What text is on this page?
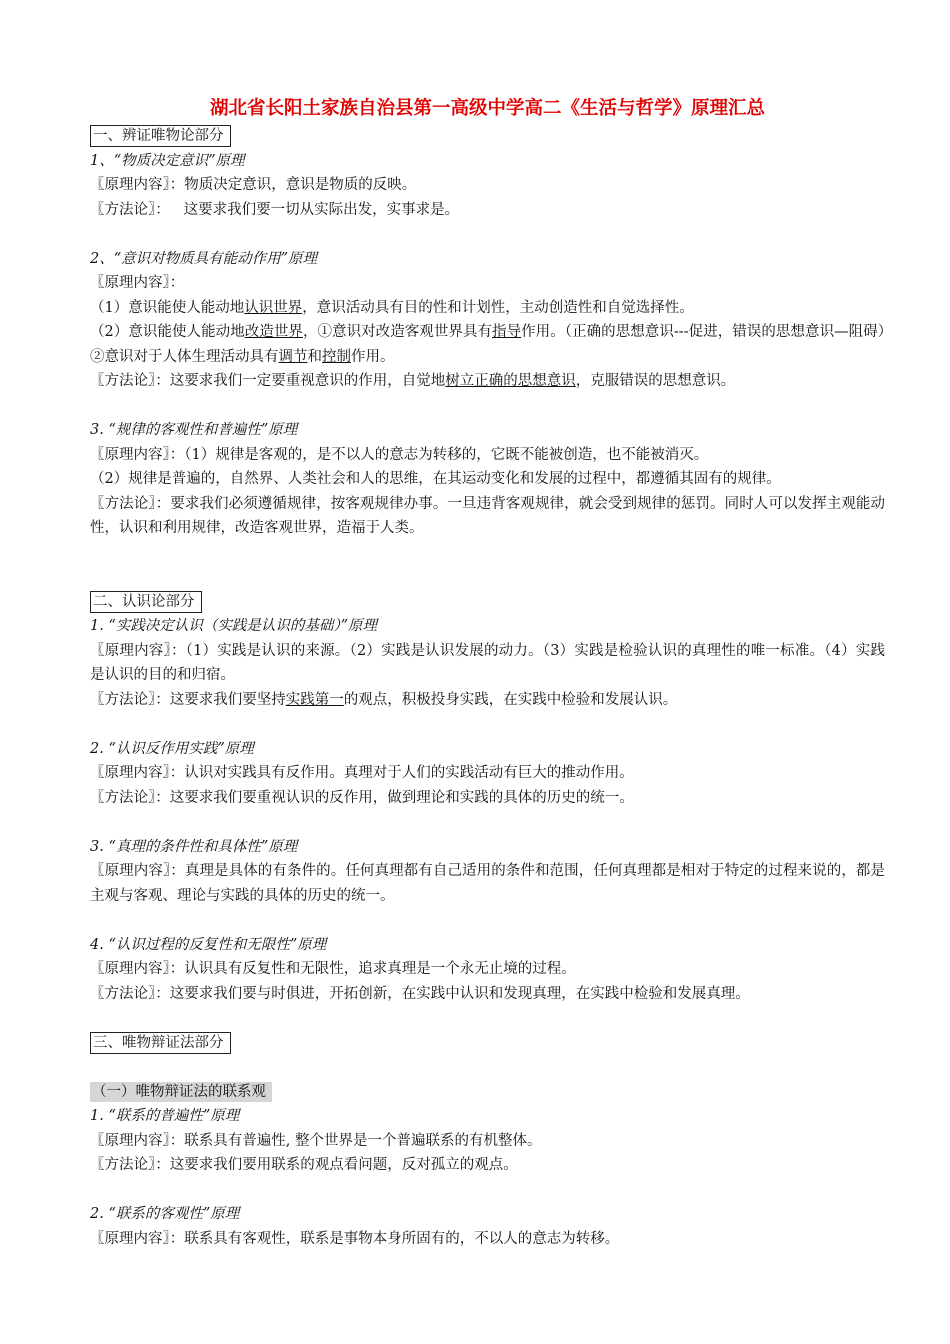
湖北省长阳土家族自治县第一高级中学高二《生活与哲学》原理汇总
一、辨证唯物论部分
1、“物质决定意识”原理
〖原理内容〗：物质决定意识，意识是物质的反映。
〖方法论〗：   这要求我们要一切从实际出发，实事求是。
2、“意识对物质具有能动作用”原理
〖原理内容〗：
（1）意识能使人能动地认识世界，意识活动具有目的性和计划性，主动创造性和自觉选择性。
（2）意识能使人能动地改造世界，①意识对改造客观世界具有指导作用。（正确的思想意识---促进，错误的思想意识—阻碍）②意识对于人体生理活动具有调节和控制作用。
〖方法论〗：这要求我们一定要重视意识的作用，自觉地树立正确的思想意识，克服错误的思想意识。
3. “规律的客观性和普遍性”原理
〖原理内容〗：（1）规律是客观的，是不以人的意志为转移的，它既不能被创造，也不能被消灭。
（2）规律是普遍的，自然界、人类社会和人的思维，在其运动变化和发展的过程中，都遵循其固有的规律。
〖方法论〗：要求我们必须遵循规律，按客观规律办事。一旦违背客观规律，就会受到规律的惩罚。同时人可以发挥主观能动性，认识和利用规律，改造客观世界，造福于人类。
二、认识论部分
1. “实践决定认识（实践是认识的基础）”原理
〖原理内容〗：（1）实践是认识的来源。（2）实践是认识发展的动力。（3）实践是检验认识的真理性的唯一标准。（4）实践是认识的目的和归宿。
〖方法论〗：这要求我们要坚持实践第一的观点，积极投身实践，在实践中检验和发展认识。
2. “认识反作用实践”原理
〖原理内容〗：认识对实践具有反作用。真理对于人们的实践活动有巨大的推动作用。
〖方法论〗：这要求我们要重视认识的反作用，做到理论和实践的具体的历史的统一。
3. “真理的条件性和具体性”原理
〖原理内容〗：真理是具体的有条件的。任何真理都有自己适用的条件和范围，任何真理都是相对于特定的过程来说的，都是主观与客观、理论与实践的具体的历史的统一。
4. “认识过程的反复性和无限性”原理
〖原理内容〗：认识具有反复性和无限性，追求真理是一个永无止境的过程。
〖方法论〗：这要求我们要与时俱进，开拓创新，在实践中认识和发现真理，在实践中检验和发展真理。
三、唯物辩证法部分
（一）唯物辩证法的联系观
1. “联系的普遍性”原理
〖原理内容〗：联系具有普遍性, 整个世界是一个普遍联系的有机整体。
〖方法论〗：这要求我们要用联系的观点看问题，反对孤立的观点。
2. “联系的客观性”原理
〖原理内容〗：联系具有客观性，联系是事物本身所固有的，不以人的意志为转移。
